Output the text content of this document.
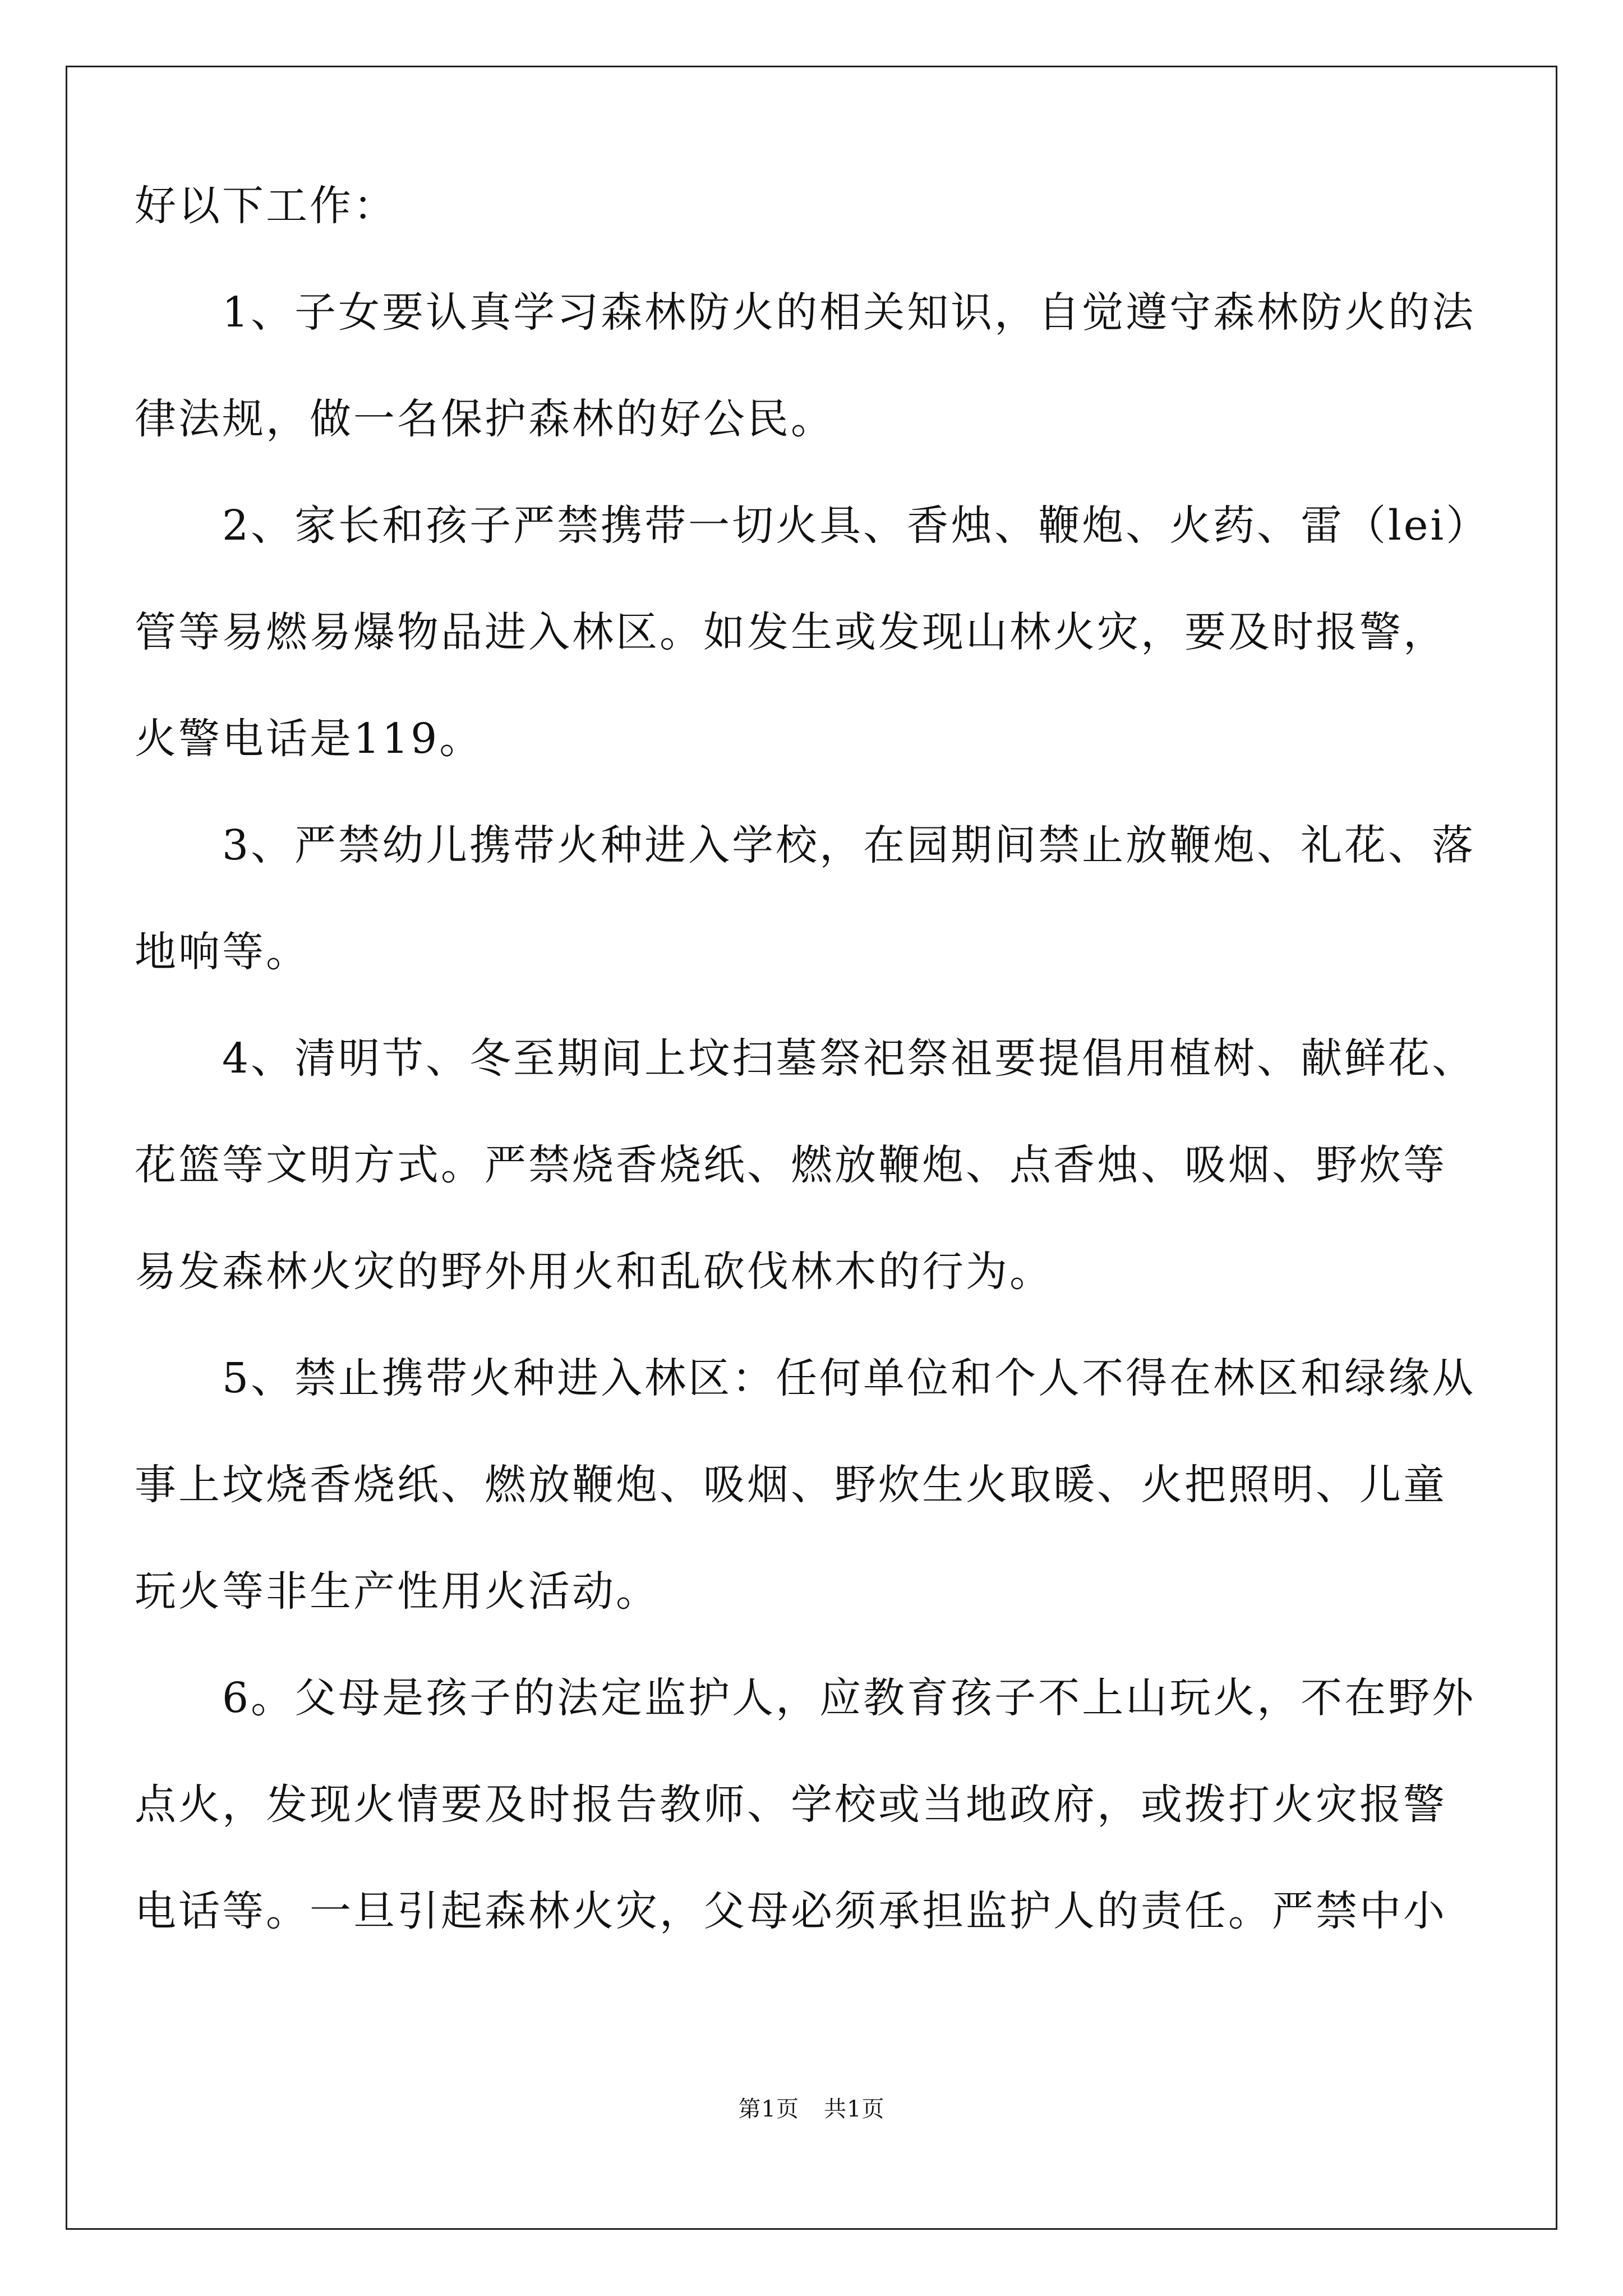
好以下工作：
　　1、子女要认真学习森林防火的相关知识，自觉遵守森林防火的法
律法规，做一名保护森林的好公民。
　　2、家长和孩子严禁携带一切火具、香烛、鞭炮、火药、雷（lei）
管等易燃易爆物品进入林区。如发生或发现山林火灾，要及时报警，
火警电话是119。
　　3、严禁幼儿携带火种进入学校，在园期间禁止放鞭炮、礼花、落
地响等。
　　4、清明节、冬至期间上坟扫墓祭祀祭祖要提倡用植树、献鲜花、
花篮等文明方式。严禁烧香烧纸、燃放鞭炮、点香烛、吸烟、野炊等
易发森林火灾的野外用火和乱砍伐林木的行为。
　　5、禁止携带火种进入林区：任何单位和个人不得在林区和绿缘从
事上坟烧香烧纸、燃放鞭炮、吸烟、野炊生火取暖、火把照明、儿童
玩火等非生产性用火活动。
　　6。父母是孩子的法定监护人，应教育孩子不上山玩火，不在野外
点火，发现火情要及时报告教师、学校或当地政府，或拨打火灾报警
电话等。一旦引起森林火灾，父母必须承担监护人的责任。严禁中小
第1页 共1页
